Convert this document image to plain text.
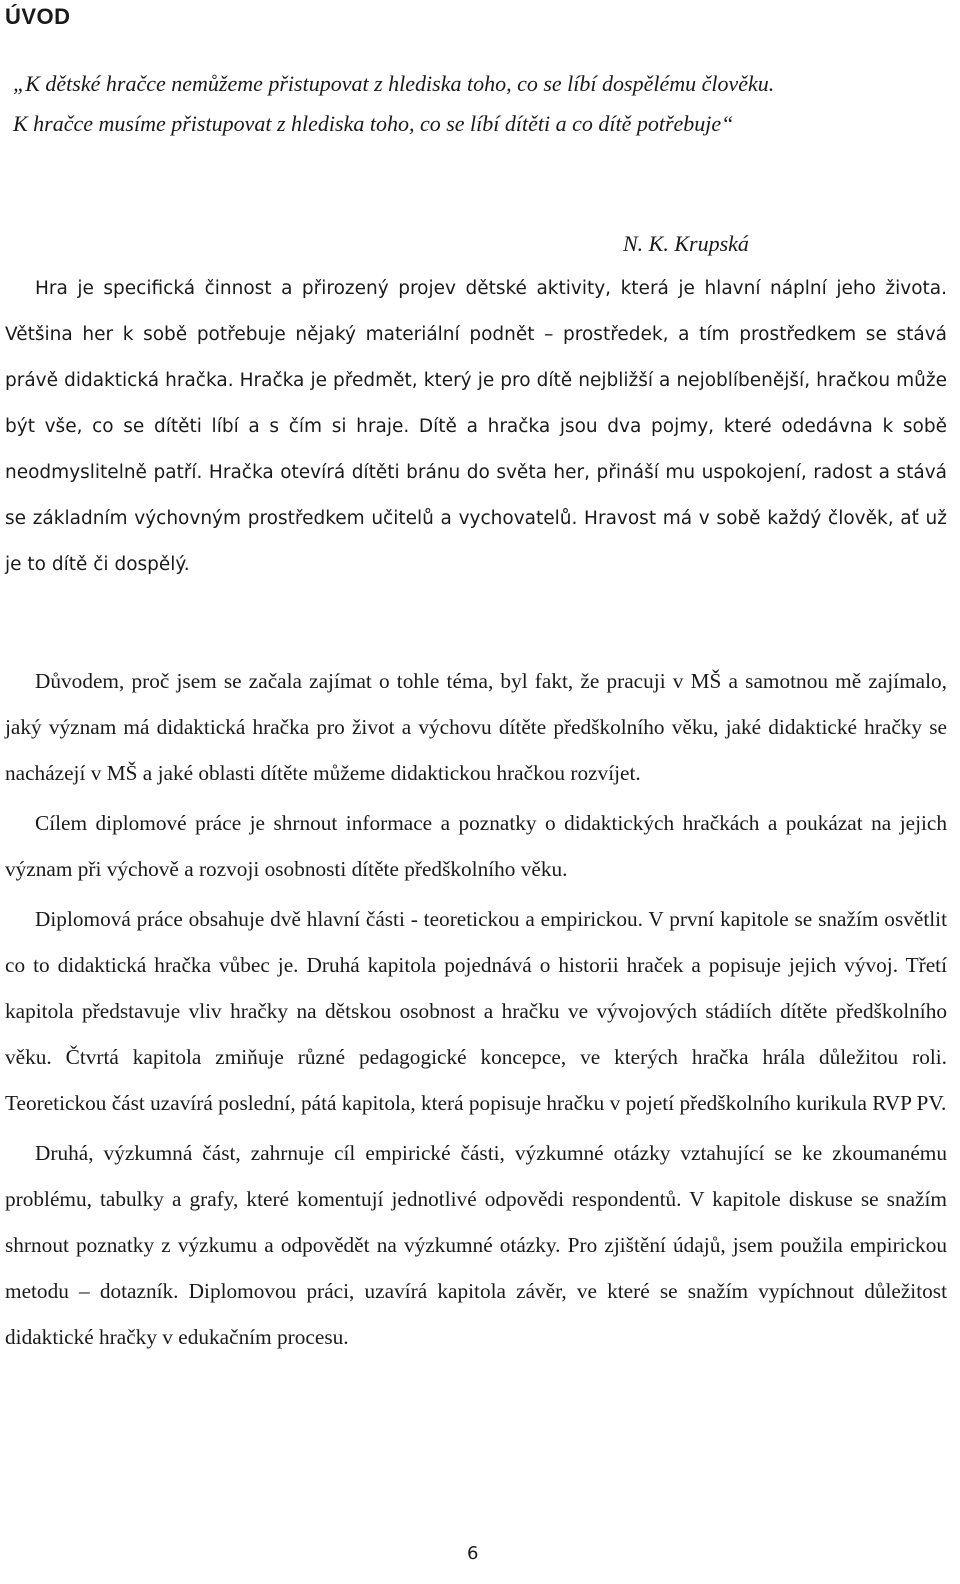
ÚVOD
„K dětské hračce nemůžeme přistupovat z hlediska toho, co se líbí dospělému člověku.
K hračce musíme přistupovat z hlediska toho, co se líbí dítěti a co dítě potřebuje“
N. K. Krupská

Hra je specifická činnost a přirozený projev dětské aktivity, která je hlavní náplní jeho života. Většina her k sobě potřebuje nějaký materiální podnět – prostředek, a tím prostředkem se stává právě didaktická hračka. Hračka je předmět, který je pro dítě nejbližší a nejoblíbenější, hračkou může být vše, co se dítěti líbí a s čím si hraje. Dítě a hračka jsou dva pojmy, které odedávna k sobě neodmyslitelně patří. Hračka otevírá dítěti bránu do světa her, přináší mu uspokojení, radost a stává se základním výchovným prostředkem učitelů a vychovatelů. Hravost má v sobě každý člověk, ať už je to dítě či dospělý.

Důvodem, proč jsem se začala zajímat o tohle téma, byl fakt, že pracuji v MŠ a samotnou mě zajímalo, jaký význam má didaktická hračka pro život a výchovu dítěte předškolního věku, jaké didaktické hračky se nacházejí v MŠ a jaké oblasti dítěte můžeme didaktickou hračkou rozvíjet.

Cílem diplomové práce je shrnout informace a poznatky o didaktických hračkách a poukázat na jejich význam při výchově a rozvoji osobnosti dítěte předškolního věku.

Diplomová práce obsahuje dvě hlavní části - teoretickou a empirickou. V první kapitole se snažím osvětlit co to didaktická hračka vůbec je. Druhá kapitola pojednává o historii hraček a popisuje jejich vývoj. Třetí kapitola představuje vliv hračky na dětskou osobnost a hračku ve vývojových stádiích dítěte předškolního věku. Čtvrtá kapitola zmiňuje různé pedagogické koncepce, ve kterých hračka hrála důležitou roli. Teoretickou část uzavírá poslední, pátá kapitola, která popisuje hračku v pojetí předškolního kurikula RVP PV.

Druhá, výzkumná část, zahrnuje cíl empirické části, výzkumné otázky vztahující se ke zkoumanému problému, tabulky a grafy, které komentují jednotlivé odpovědi respondentů. V kapitole diskuse se snažím shrnout poznatky z výzkumu a odpovědět na výzkumné otázky. Pro zjištění údajů, jsem použila empirickou metodu – dotazník. Diplomovou práci, uzavírá kapitola závěr, ve které se snažím vypíchnout důležitost didaktické hračky v edukačním procesu.

6
